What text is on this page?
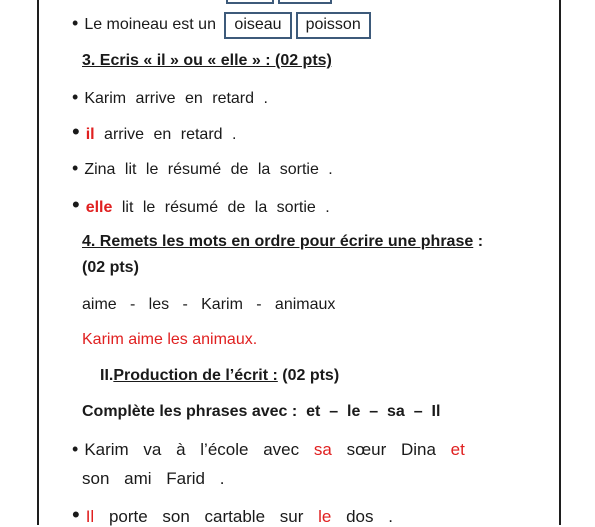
• Le moineau est un oiseau poisson
3. Ecris « il » ou « elle » : (02 pts)
• Karim arrive en retard .
• il arrive en retard .
• Zina lit le résumé de la sortie .
• elle lit le résumé de la sortie .
4. Remets les mots en ordre pour écrire une phrase :
(02 pts)
aime   -   les   -   Karim   -   animaux
Karim aime les animaux.
II.Production de l’écrit : (02 pts)
Complète les phrases avec :  et  –  le  –  sa  –  Il
• Karim va à l’école avec sa sœur Dina et
son ami Farid .
• Il porte son cartable sur le dos .
